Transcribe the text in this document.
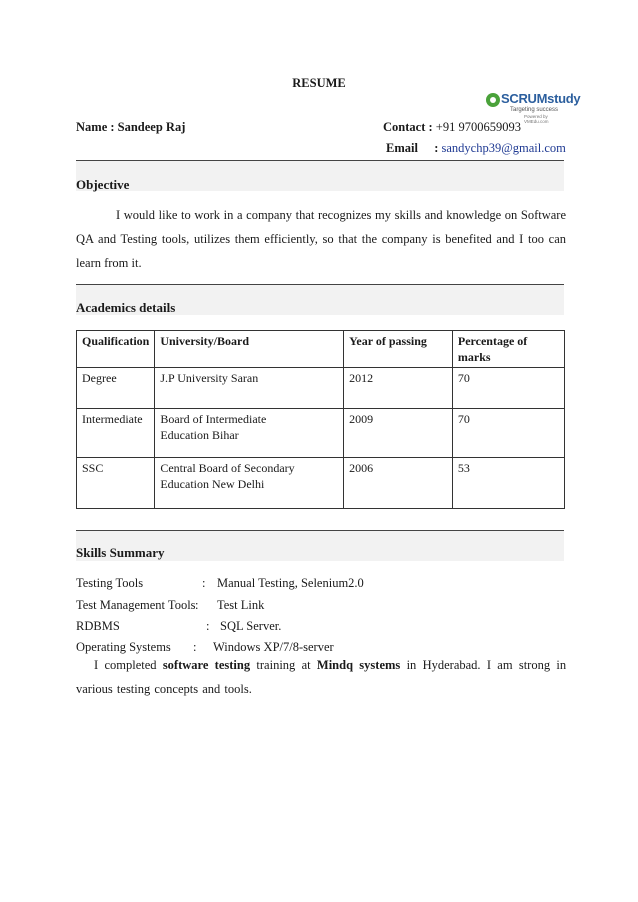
RESUME
SCRUMstudy
Targeting success
Powered by VMEdu.com
Name : Sandeep Raj	Contact : +91 9700659093
Email : sandychp39@gmail.com
Objective
I would like to work in a company that recognizes my skills and knowledge on Software QA and Testing tools, utilizes them efficiently, so that the company is benefited and I too can learn from it.
Academics details
Qualification	University/Board	Year of passing	Percentage of marks
Degree	J.P University Saran	2012	70
Intermediate	Board of Intermediate Education Bihar	2009	70
SSC	Central Board of Secondary Education New Delhi	2006	53
Skills Summary
Testing Tools	: Manual Testing, Selenium2.0
Test Management Tools : Test Link
RDBMS	: SQL Server.
Operating Systems : Windows XP/7/8-server
I completed software testing training at Mindq systems in Hyderabad. I am strong in various testing concepts and tools.
